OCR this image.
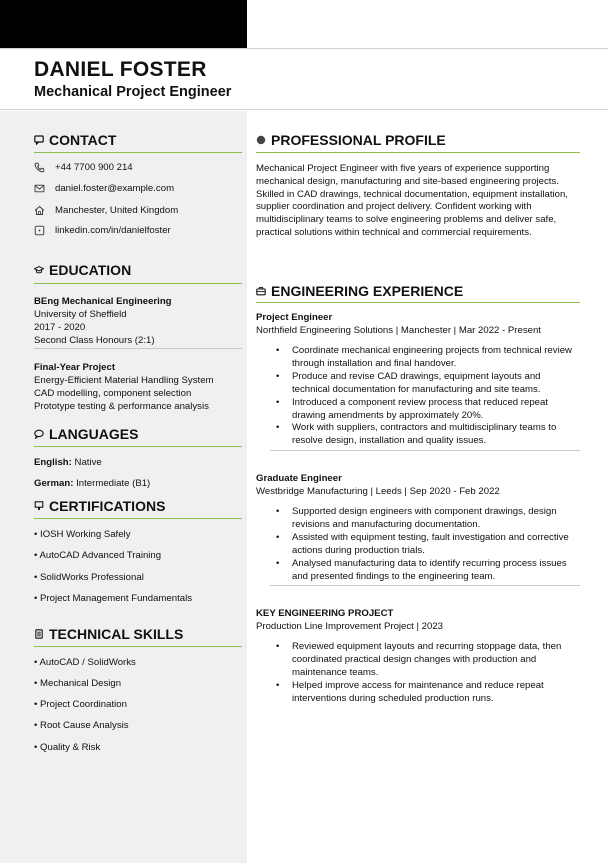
DANIEL FOSTER
Mechanical Project Engineer
CONTACT
+44 7700 900 214
daniel.foster@example.com
Manchester, United Kingdom
linkedin.com/in/danielfoster
EDUCATION
BEng Mechanical Engineering
University of Sheffield
2017 - 2020
Second Class Honours (2:1)
Final-Year Project
Energy-Efficient Material Handling System
CAD modelling, component selection
Prototype testing & performance analysis
LANGUAGES
English: Native
German: Intermediate (B1)
CERTIFICATIONS
• IOSH Working Safely
• AutoCAD Advanced Training
• SolidWorks Professional
• Project Management Fundamentals
TECHNICAL SKILLS
• AutoCAD / SolidWorks
• Mechanical Design
• Project Coordination
• Root Cause Analysis
• Quality & Risk
PROFESSIONAL PROFILE
Mechanical Project Engineer with five years of experience supporting mechanical design, manufacturing and site-based engineering projects. Skilled in CAD drawings, technical documentation, equipment installation, supplier coordination and project delivery. Confident working with multidisciplinary teams to solve engineering problems and deliver safe, practical solutions within technical and commercial requirements.
ENGINEERING EXPERIENCE
Project Engineer
Northfield Engineering Solutions | Manchester | Mar 2022 - Present
• Coordinate mechanical engineering projects from technical review through installation and final handover.
• Produce and revise CAD drawings, equipment layouts and technical documentation for manufacturing and site teams.
• Introduced a component review process that reduced repeat drawing amendments by approximately 20%.
• Work with suppliers, contractors and multidisciplinary teams to resolve design, installation and quality issues.
Graduate Engineer
Westbridge Manufacturing | Leeds | Sep 2020 - Feb 2022
• Supported design engineers with component drawings, design revisions and manufacturing documentation.
• Assisted with equipment testing, fault investigation and corrective actions during production trials.
• Analysed manufacturing data to identify recurring process issues and presented findings to the engineering team.
KEY ENGINEERING PROJECT
Production Line Improvement Project | 2023
• Reviewed equipment layouts and recurring stoppage data, then coordinated practical design changes with production and maintenance teams.
• Helped improve access for maintenance and reduce repeat interventions during scheduled production runs.
